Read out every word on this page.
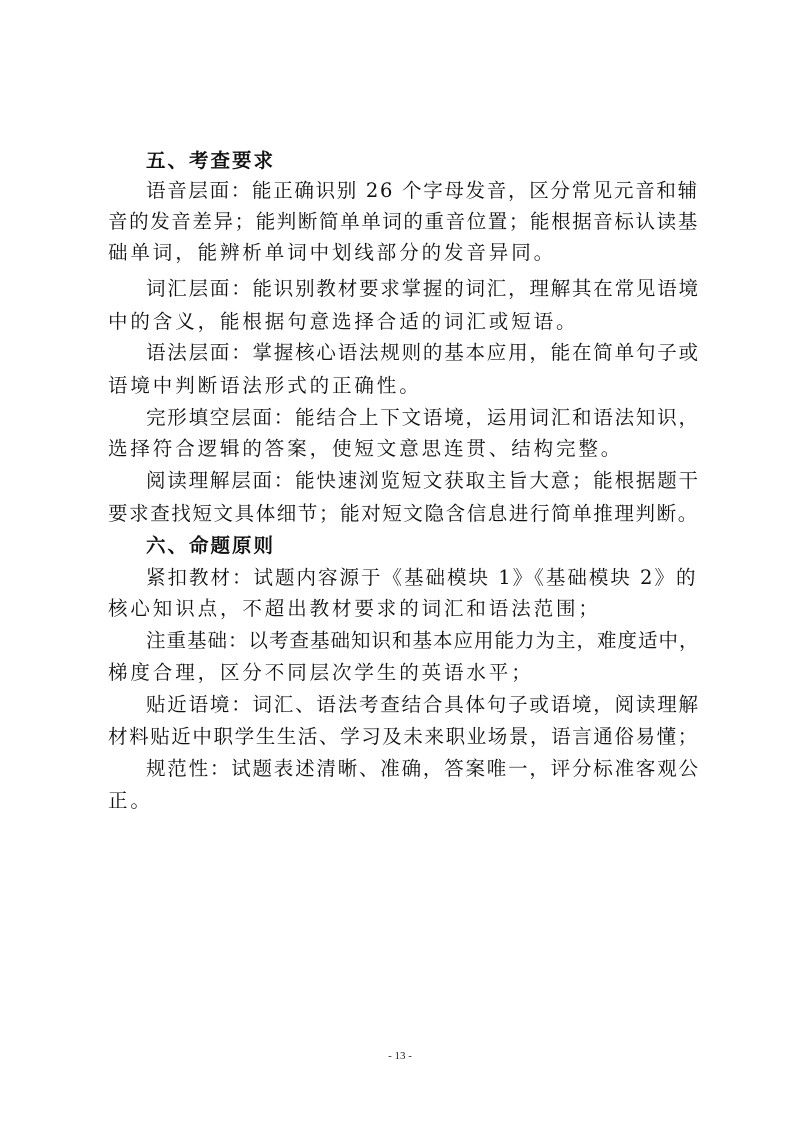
五、考查要求
语音层面：能正确识别 26 个字母发音，区分常见元音和辅
音的发音差异；能判断简单单词的重音位置；能根据音标认读基
础单词，能辨析单词中划线部分的发音异同。
词汇层面：能识别教材要求掌握的词汇，理解其在常见语境
中的含义，能根据句意选择合适的词汇或短语。
语法层面：掌握核心语法规则的基本应用，能在简单句子或
语境中判断语法形式的正确性。
完形填空层面：能结合上下文语境，运用词汇和语法知识，
选择符合逻辑的答案，使短文意思连贯、结构完整。
阅读理解层面：能快速浏览短文获取主旨大意；能根据题干
要求查找短文具体细节；能对短文隐含信息进行简单推理判断。
六、命题原则
紧扣教材：试题内容源于《基础模块 1》《基础模块 2》的
核心知识点，不超出教材要求的词汇和语法范围；
注重基础：以考查基础知识和基本应用能力为主，难度适中，
梯度合理，区分不同层次学生的英语水平；
贴近语境：词汇、语法考查结合具体句子或语境，阅读理解
材料贴近中职学生生活、学习及未来职业场景，语言通俗易懂；
规范性：试题表述清晰、准确，答案唯一，评分标准客观公
正。
- 13 -
